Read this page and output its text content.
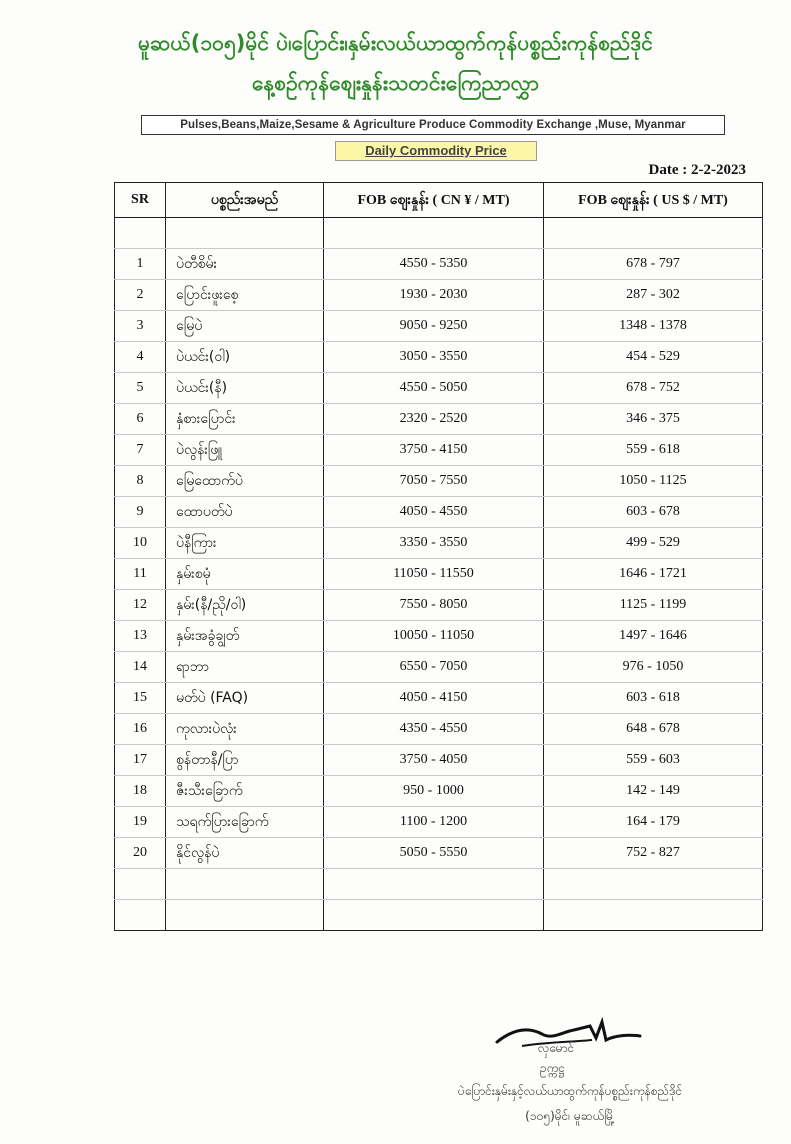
မူဆယ်(၁၀၅)မိုင် ပဲ၊ပြောင်း၊နှမ်းလယ်ယာထွက်ကုန်ပစ္စည်းကုန်စည်ဒိုင်
နေ့စဉ်ကုန်စျေးနှုန်းသတင်းကြေညာလွှာ
Pulses,Beans,Maize,Sesame & Agriculture Produce Commodity Exchange ,Muse, Myanmar
Daily Commodity Price
Date : 2-2-2023
SR	ပစ္စည်းအမည်	FOB စျေးနှုန်း ( CN ¥ / MT)	FOB စျေးနှုန်း ( US $ / MT)

1	ပဲတီစိမ်း	4550 - 5350	678 - 797
2	ပြောင်းဖူးစေ့	1930 - 2030	287 - 302
3	မြေပဲ	9050 - 9250	1348 - 1378
4	ပဲယင်း(ဝါ)	3050 - 3550	454 - 529
5	ပဲယင်း(နီ)	4550 - 5050	678 - 752
6	နှံစားပြောင်း	2320 - 2520	346 - 375
7	ပဲလွန်းဖြူ	3750 - 4150	559 - 618
8	မြေထောက်ပဲ	7050 - 7550	1050 - 1125
9	ထောပတ်ပဲ	4050 - 4550	603 - 678
10	ပဲနီကြား	3350 - 3550	499 - 529
11	နှမ်းစမုံ	11050 - 11550	1646 - 1721
12	နှမ်း(နီ/ညို/ဝါ)	7550 - 8050	1125 - 1199
13	နှမ်းအခွံချွတ်	10050 - 11050	1497 - 1646
14	ရာဘာ	6550 - 7050	976 - 1050
15	မတ်ပဲ (FAQ)	4050 - 4150	603 - 618
16	ကုလားပဲလုံး	4350 - 4550	648 - 678
17	စွန်တာနီ/ပြာ	3750 - 4050	559 - 603
18	ဇီးသီးခြောက်	950 - 1000	142 - 149
19	သရက်ပြားခြောက်	1100 - 1200	164 - 179
20	နိုင်လွန်ပဲ	5050 - 5550	752 - 827

လှမောင်
ဥက္ကဋ္ဌ
ပဲပြောင်းနှမ်းနှင့်လယ်ယာထွက်ကုန်ပစ္စည်းကုန်စည်ဒိုင်
(၁၀၅)မိုင်၊ မူဆယ်မြို့
